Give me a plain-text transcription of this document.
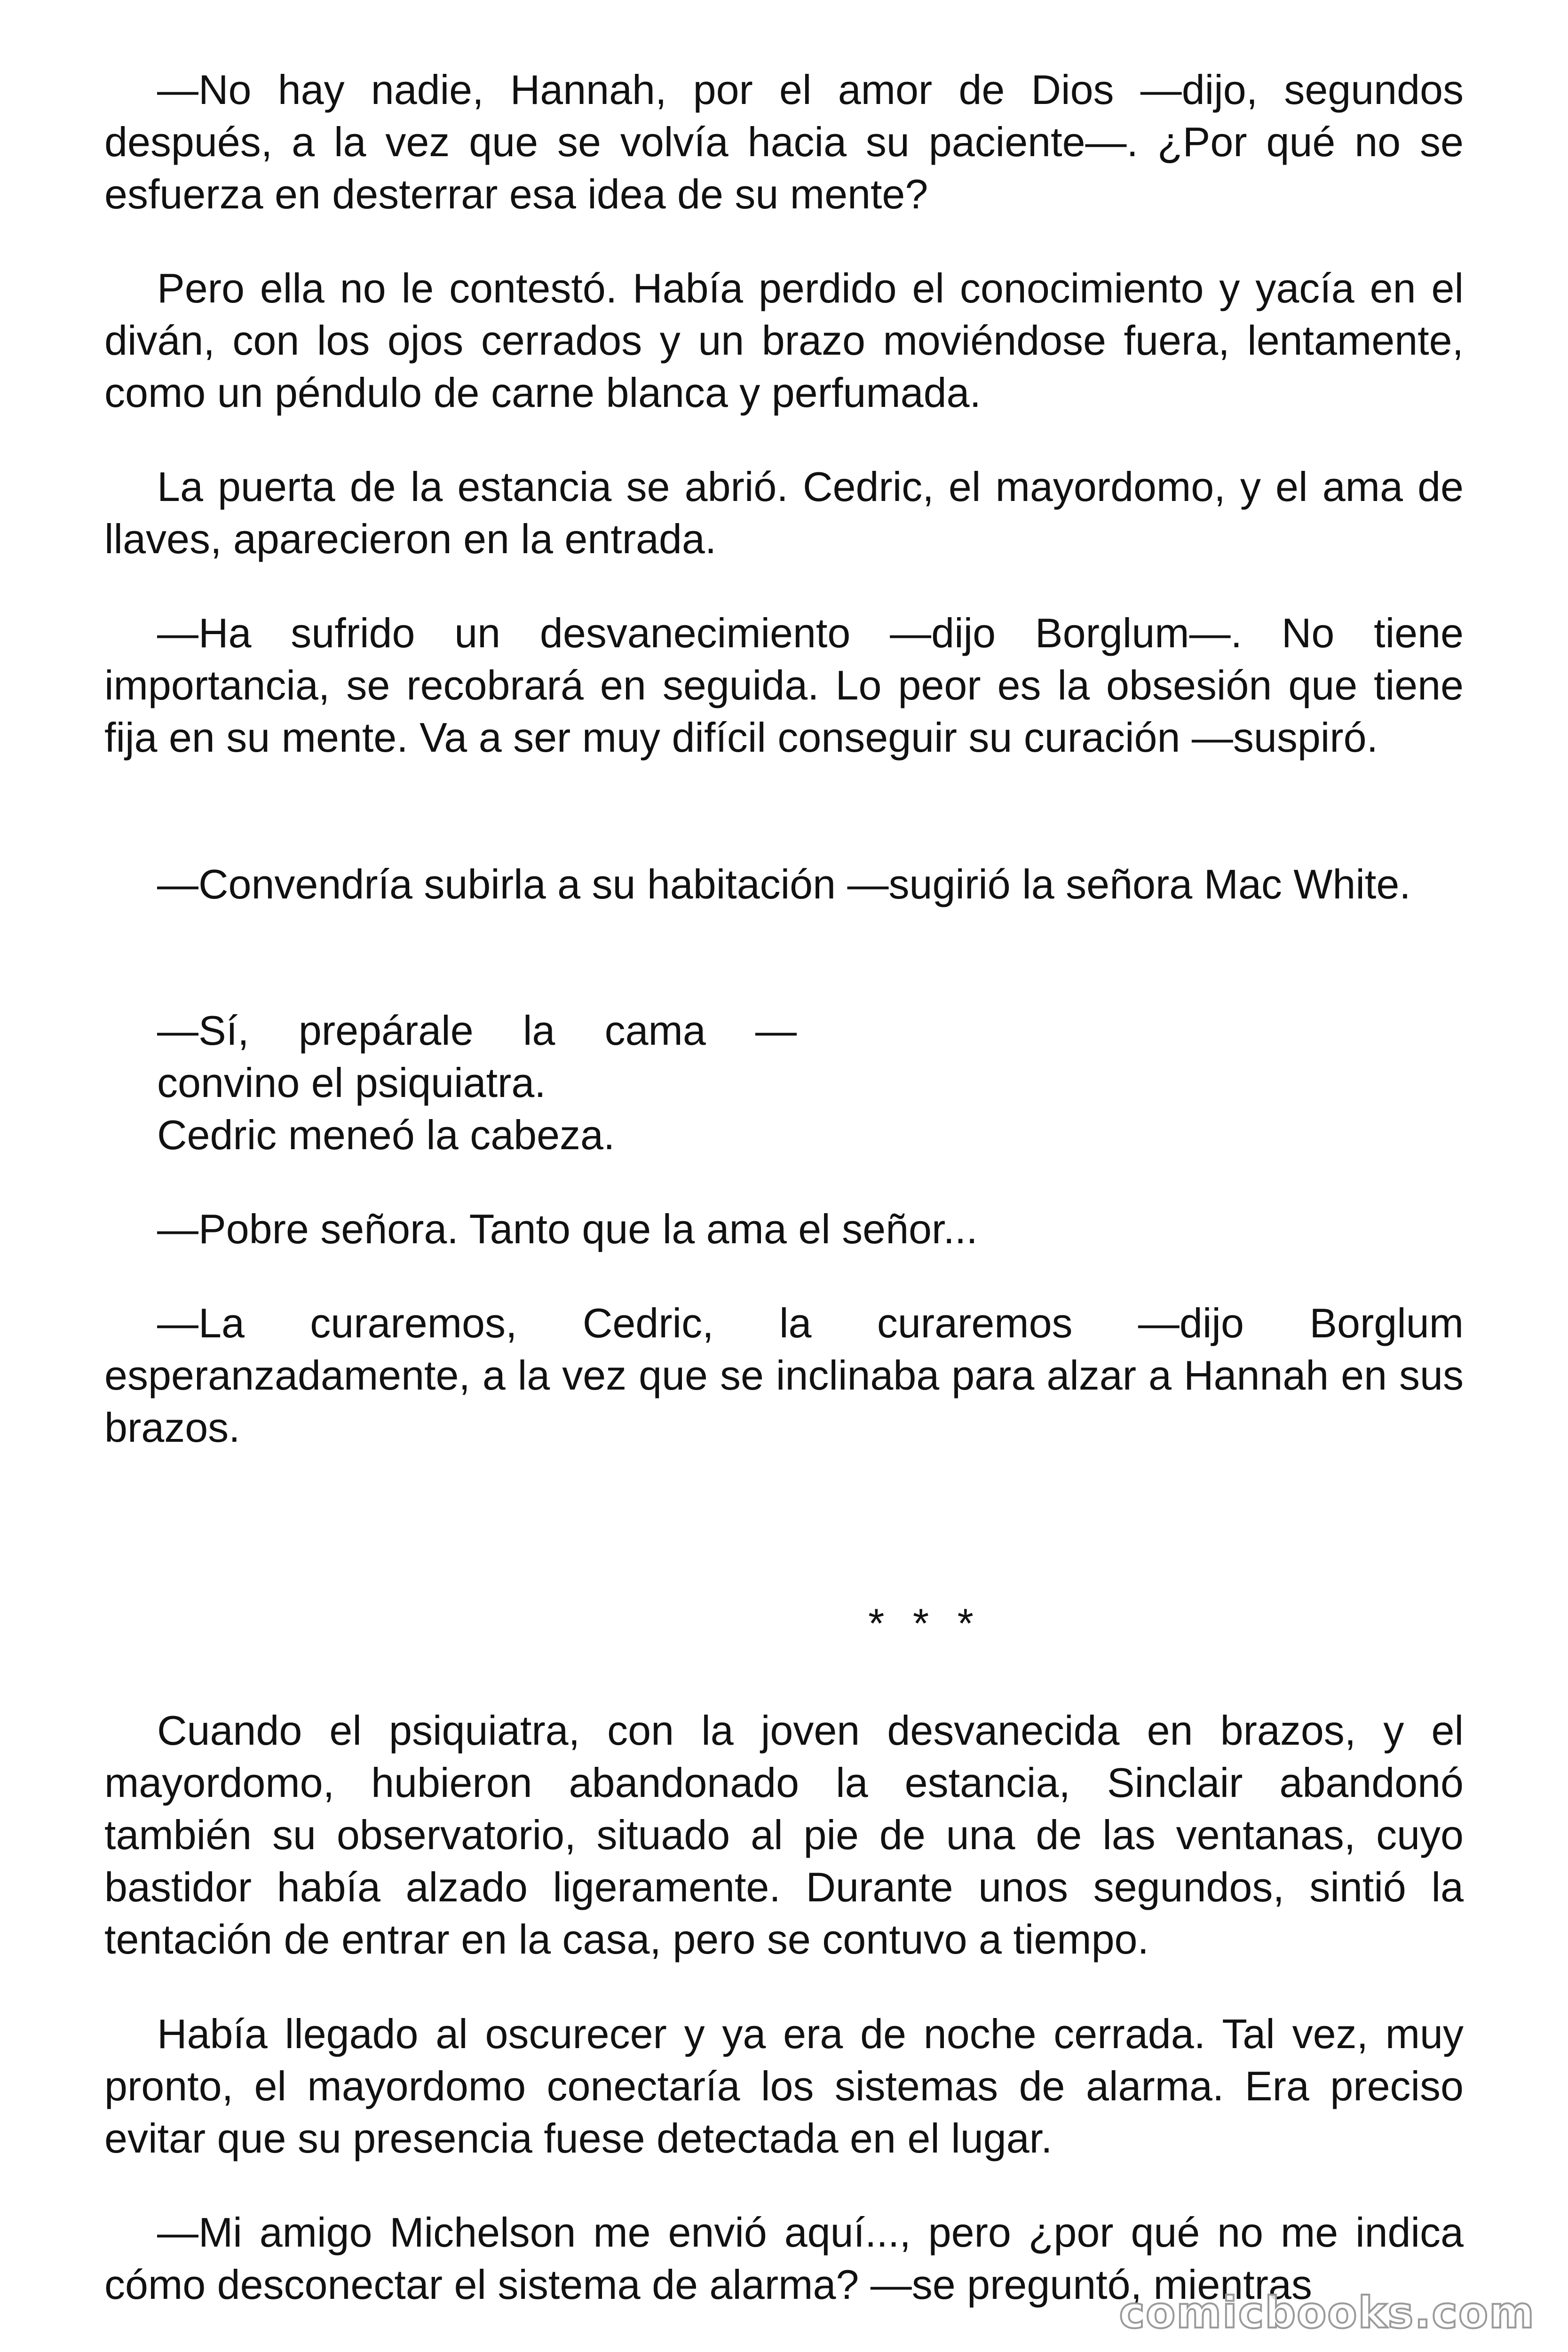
—No hay nadie, Hannah, por el amor de Dios —dijo, segundos después, a la vez que se volvía hacia su paciente—. ¿Por qué no se esfuerza en desterrar esa idea de su mente?

Pero ella no le contestó. Había perdido el conocimiento y yacía en el diván, con los ojos cerrados y un brazo moviéndose fuera, lentamente, como un péndulo de carne blanca y perfumada.

La puerta de la estancia se abrió. Cedric, el mayordomo, y el ama de llaves, aparecieron en la entrada.

—Ha sufrido un desvanecimiento —dijo Borglum—. No tiene importancia, se recobrará en seguida. Lo peor es la obsesión que tiene fija en su mente. Va a ser muy difícil conseguir su curación —suspiró.

—Convendría subirla a su habitación —sugirió la señora Mac White.

—Sí, prepárale la cama — convino el psiquiatra.

Cedric meneó la cabeza.

—Pobre señora. Tanto que la ama el señor...

—La curaremos, Cedric, la curaremos —dijo Borglum esperanzadamente, a la vez que se inclinaba para alzar a Hannah en sus brazos.

Cuando el psiquiatra, con la joven desvanecida en brazos, y el mayordomo, hubieron abandonado la estancia, Sinclair abandonó también su observatorio, situado al pie de una de las ventanas, cuyo bastidor había alzado ligeramente. Durante unos segundos, sintió la tentación de entrar en la casa, pero se contuvo a tiempo.

Había llegado al oscurecer y ya era de noche cerrada. Tal vez, muy pronto, el mayordomo conectaría los sistemas de alarma. Era preciso evitar que su presencia fuese detectada en el lugar.

—Mi amigo Michelson me envió aquí..., pero ¿por qué no me indica cómo desconectar el sistema de alarma? —se preguntó, mientras

* * *
comicbooks.com
